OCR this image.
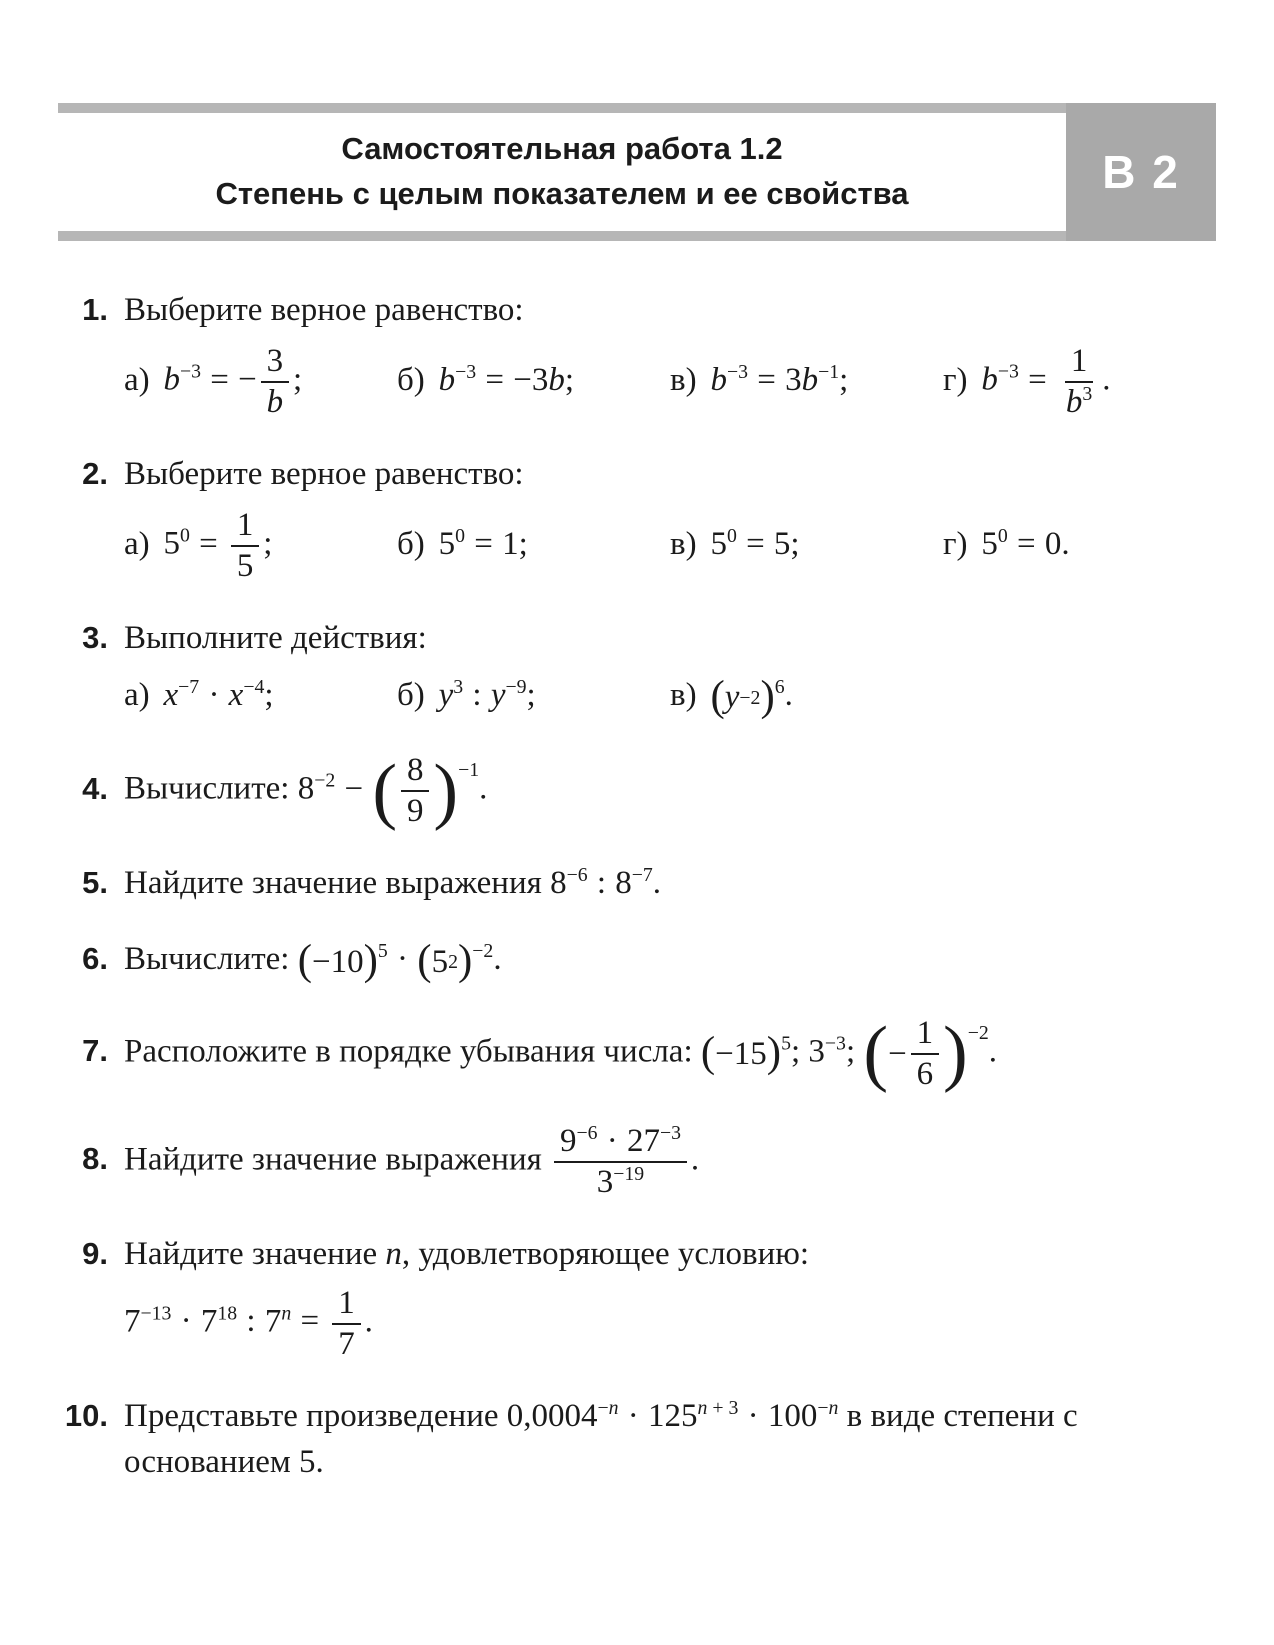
Самостоятельная работа 1.2
Степень с целым показателем и ее свойства	В 2
1. Выберите верное равенство:
а) $b^{-3}$ = − $\frac{3}{b}$ ;	б) $b^{-3} = -3b$;	в) $b^{-3} = 3b^{-1}$;	г) $b^{-3} = \frac{1}{b^3}$ .
2. Выберите верное равенство:
а) $5^0 = \frac{1}{5}$ ;	б) $5^0 = 1$;	в) $5^0 = 5$;	г) $5^0 = 0$.
3. Выполните действия:
а) $x^{-7} \cdot x^{-4}$;	б) $y^3$ : $y^{-9}$;	в) ( y −2 ) $^6$.
4. Вычислите: $8^{-2}$ − ( $\frac{8}{9}$ ) $^{-1}$.
5. Найдите значение выражения $8^{-6}$ : $8^{-7}$.
6. Вычислите: ( −10 ) $^5$ · ( 5 2 ) $^{-2}$.
7. Расположите в порядке убывания числа: ( −15 ) $^5$; $3^{-3}$; ( − $\frac{1}{6}$ ) $^{-2}$.
8. Найдите значение выражения $\frac{9^{-6} \cdot 27^{-3}}{3^{-19}}$ .
9. Найдите значение n, удовлетворяющее условию:
$7^{-13} \cdot 7^{18}$ : $7^n = \frac{1}{7}$ .
10. Представьте произведение $0,0004^{-n} \cdot 125^{n + 3} \cdot 100^{-n}$ в виде степени с основанием 5.
